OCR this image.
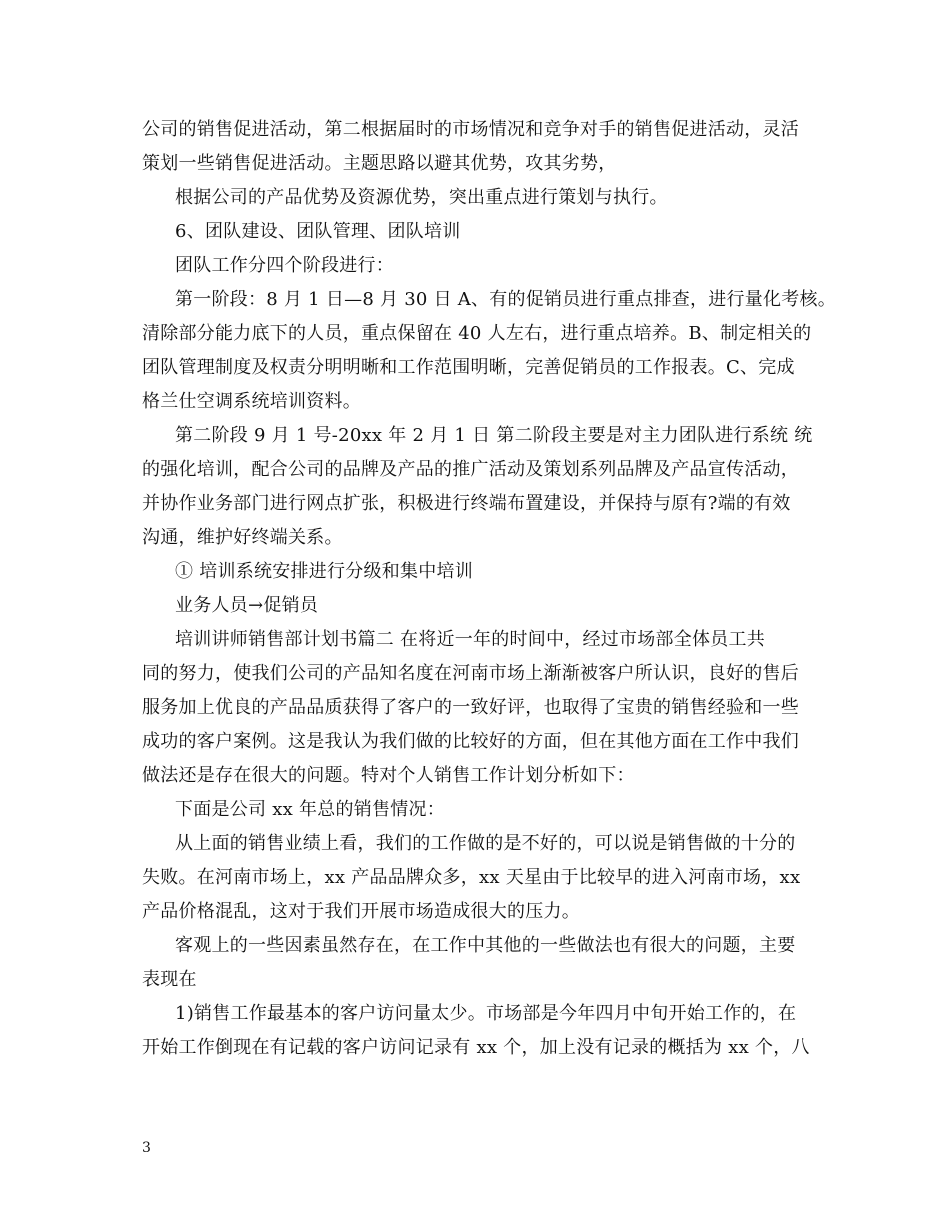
公司的销售促进活动，第二根据届时的市场情况和竞争对手的销售促进活动，灵活
策划一些销售促进活动。主题思路以避其优势，攻其劣势，
根据公司的产品优势及资源优势，突出重点进行策划与执行。
6、团队建设、团队管理、团队培训
团队工作分四个阶段进行：
第一阶段：8 月 1 日—8 月 30 日 A、有的促销员进行重点排查，进行量化考核。
清除部分能力底下的人员，重点保留在 40 人左右，进行重点培养。B、制定相关的
团队管理制度及权责分明明晰和工作范围明晰，完善促销员的工作报表。C、完成
格兰仕空调系统培训资料。
第二阶段 9 月 1 号-20xx 年 2 月 1 日 第二阶段主要是对主力团队进行系统 统
的强化培训，配合公司的品牌及产品的推广活动及策划系列品牌及产品宣传活动，
并协作业务部门进行网点扩张，积极进行终端布置建设，并保持与原有?端的有效
沟通，维护好终端关系。
① 培训系统安排进行分级和集中培训
业务人员→促销员
培训讲师销售部计划书篇二 在将近一年的时间中，经过市场部全体员工共
同的努力，使我们公司的产品知名度在河南市场上渐渐被客户所认识，良好的售后
服务加上优良的产品品质获得了客户的一致好评，也取得了宝贵的销售经验和一些
成功的客户案例。这是我认为我们做的比较好的方面，但在其他方面在工作中我们
做法还是存在很大的问题。特对个人销售工作计划分析如下：
下面是公司 xx 年总的销售情况：
从上面的销售业绩上看，我们的工作做的是不好的，可以说是销售做的十分的
失败。在河南市场上，xx 产品品牌众多，xx 天星由于比较早的进入河南市场，xx
产品价格混乱，这对于我们开展市场造成很大的压力。
客观上的一些因素虽然存在，在工作中其他的一些做法也有很大的问题，主要
表现在
1)销售工作最基本的客户访问量太少。市场部是今年四月中旬开始工作的，在
开始工作倒现在有记载的客户访问记录有 xx 个，加上没有记录的概括为 xx 个，八
3
